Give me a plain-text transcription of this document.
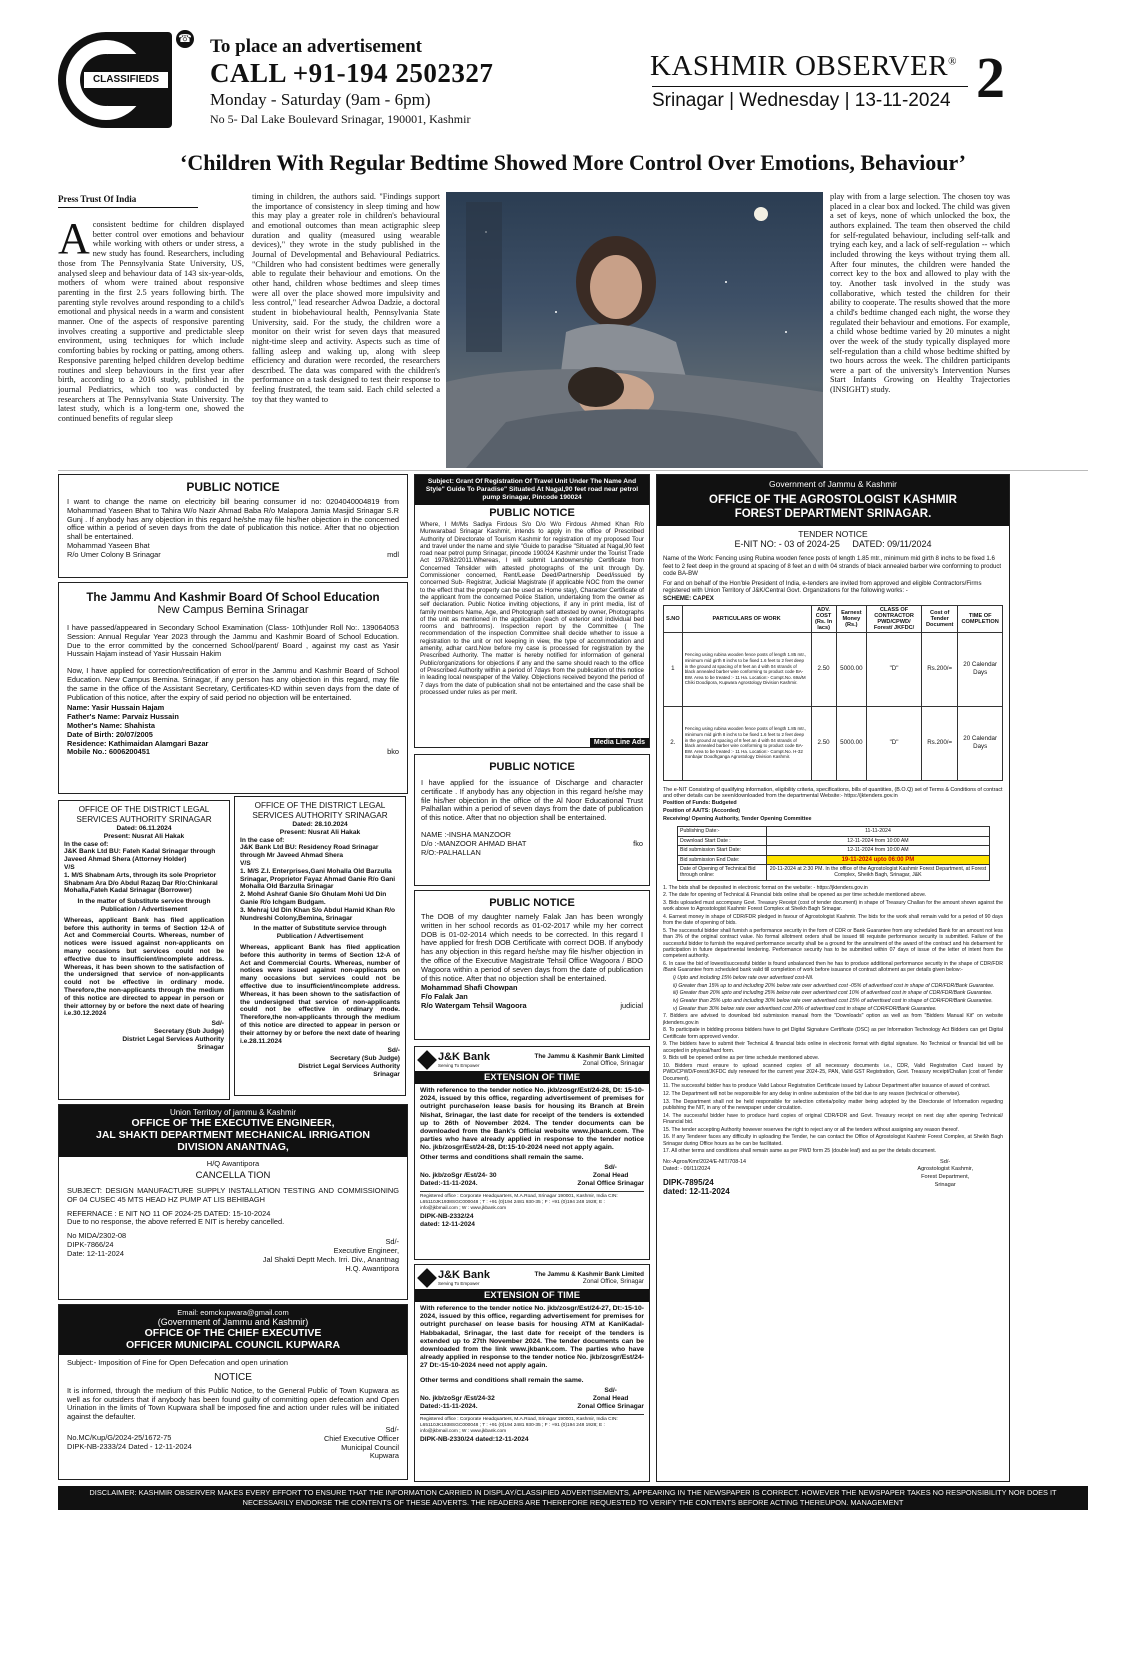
CLASSIFIEDS
☎ To place an advertisement
CALL +91-194 2502327
Monday - Saturday (9am - 6pm)
No 5- Dal Lake Boulevard Srinagar, 190001, Kashmir
KASHMIR OBSERVER®
Srinagar | Wednesday | 13-11-2024 2
‘Children With Regular Bedtime Showed More Control Over Emotions, Behaviour’
Press Trust Of India
A consistent bedtime for children displayed better control over emotions and behaviour while working with others or under stress, a new study has found. Researchers, including those from The Pennsylvania State University, US, analysed sleep and behaviour data of 143 six-year-olds, mothers of whom were trained about responsive parenting in the first 2.5 years following birth. The parenting style revolves around responding to a child's emotional and physical needs in a warm and consistent manner. One of the aspects of responsive parenting involves creating a supportive and predictable sleep environment, using techniques for which include comforting babies by rocking or patting, among others. Responsive parenting helped children develop bedtime routines and sleep behaviours in the first year after birth, according to a 2016 study, published in the journal Pediatrics, which too was conducted by researchers at The Pennsylvania State University. The latest study, which is a long-term one, showed the continued benefits of regular sleep
timing in children, the authors said. "Findings support the importance of consistency in sleep timing and how this may play a greater role in children's behavioural and emotional outcomes than mean actigraphic sleep duration and quality (measured using wearable devices)," they wrote in the study published in the Journal of Developmental and Behavioural Pediatrics. "Children who had consistent bedtimes were generally able to regulate their behaviour and emotions. On the other hand, children whose bedtimes and sleep times were all over the place showed more impulsivity and less control," lead researcher Adwoa Dadzie, a doctoral student in biobehavioural health, Pennsylvania State University, said. For the study, the children wore a monitor on their wrist for seven days that measured night-time sleep and activity. Aspects such as time of falling asleep and waking up, along with sleep efficiency and duration were recorded, the researchers described. The data was compared with the children's performance on a task designed to test their response to feeling frustrated, the team said. Each child selected a toy that they wanted to
play with from a large selection. The chosen toy was placed in a clear box and locked. The child was given a set of keys, none of which unlocked the box, the authors explained. The team then observed the child for self-regulated behaviour, including self-talk and trying each key, and a lack of self-regulation -- which included throwing the keys without trying them all. After four minutes, the children were handed the correct key to the box and allowed to play with the toy. Another task involved in the study was collaborative, which tested the children for their ability to cooperate. The results showed that the more a child's bedtime changed each night, the worse they regulated their behaviour and emotions. For example, a child whose bedtime varied by 20 minutes a night over the week of the study typically displayed more self-regulation than a child whose bedtime shifted by two hours across the week. The children participants were a part of the university's Intervention Nurses Start Infants Growing on Healthy Trajectories (INSIGHT) study.
PUBLIC NOTICE
I want to change the name on electricity bill bearing consumer id no: 0204040004819 from Mohammad Yaseen Bhat to Tahira W/o Nazir Ahmad Baba R/o Malapora Jamia Masjid Srinagar S.R Gunj . If anybody has any objection in this regard he/she may file his/her objection in the concerned office within a period of seven days from the date of publication this notice. After that no objection shall be entertained.
Mohammad Yaseen Bhat
R/o Umer Colony B Srinagar	mdl
The Jammu And Kashmir Board Of School Education
New Campus Bemina Srinagar
I have passed/appeared in Secondary School Examination (Class- 10th)under Roll No:. 139064053 Session: Annual Regular Year 2023 through the Jammu and Kashmir Board of School Education. Due to the error committed by the concerned School/parent/ Board , against my cast as Yasir Hussain Hajam instead of Yasir Hussain Hakim
Now, I have applied for correction/rectification of error in the Jammu and Kashmir Board of School Education. New Campus Bemina. Srinagar, if any person has any objection in this regard, may file the same in the office of the Assistant Secretary, Certificates-KD within seven days from the date of Publication of this notice, after the expiry of said period no objection will be entertained.
Name: Yasir Hussain Hajam
Father's Name: Parvaiz Hussain
Mother's Name: Shahista
Date of Birth: 20/07/2005
Residence: Kathimaidan Alamgari Bazar
Mobile No.: 6006200451	bko
OFFICE OF THE DISTRICT LEGAL SERVICES AUTHORITY SRINAGAR
Dated: 06.11.2024
Present: Nusrat Ali Hakak
In the case of:
J&K Bank Ltd BU: Fateh Kadal Srinagar through Javeed Ahmad Shera (Attorney Holder)
V/S
1. M/S Shabnam Arts, through its sole Proprietor Shabnam Ara D/o Abdul Razaq Dar R/o:Chinkaral Mohalla,Fateh Kadal Srinagar (Borrower)
In the matter of Substitute service through Publication / Advertisement
Whereas, applicant Bank has filed application before this authority in terms of Section 12-A of Act and Commercial Courts. Whereas, number of notices were issued against non-applicants on many occasions but services could not be effective due to insufficient/incomplete address. Whereas, it has been shown to the satisfaction of the undersigned that service of non-applicants could not be effective in ordinary mode. Therefore,the non-applicants through the medium of this notice are directed to appear in person or their attorney by or before the next date of hearing i.e.30.12.2024
Sd/-
Secretary (Sub Judge)
District Legal Services Authority
Srinagar
OFFICE OF THE DISTRICT LEGAL SERVICES AUTHORITY SRINAGAR
Dated: 28.10.2024
Present: Nusrat Ali Hakak
In the case of:
J&K Bank Ltd BU: Residency Road Srinagar through Mr Javeed Ahmad Shera
V/S
1. M/S Z.I. Enterprises,Gani Mohalla Old Barzulla Srinagar, Proprietor Fayaz Ahmad Ganie R/o Gani Mohalla Old Barzulla Srinagar
2. Mohd Ashraf Ganie S/o Ghulam Mohi Ud Din Ganie R/o Ichgam Budgam.
3. Mehraj Ud Din Khan S/o Abdul Hamid Khan R/o Nundreshi Colony,Bemina, Srinagar
In the matter of Substitute service through Publication / Advertisement
Whereas, applicant Bank has filed application before this authority in terms of Section 12-A of Act and Commercial Courts. Whereas, number of notices were issued against non-applicants on many occasions but services could not be effective due to insufficient/incomplete address. Whereas, it has been shown to the satisfaction of the undersigned that service of non-applicants could not be effective in ordinary mode. Therefore,the non-applicants through the medium of this notice are directed to appear in person or their attorney by or before the next date of hearing i.e.28.11.2024
Sd/-
Secretary (Sub Judge)
District Legal Services Authority
Srinagar
Union Territory of jammu & Kashmir
OFFICE OF THE EXECUTIVE ENGINEER,
JAL SHAKTI DEPARTMENT MECHANICAL IRRIGATION
DIVISION ANANTNAG,
H/Q Awantipora
CANCELLA TION
SUBJECT: DESIGN MANUFACTURE SUPPLY INSTALLATION TESTING AND COMMISSIONING OF 04 CUSEC 45 MTS HEAD HZ PUMP AT LIS BEHIBAGH
REFERNACE : E NIT NO 11 OF 2024-25 DATED: 15-10-2024
Due to no response, the above referred E NIT is hereby cancelled.
No MIDA/2302-08
DIPK-7866/24
Date: 12-11-2024
Sd/-
Executive Engineer,
Jal Shakti Deptt Mech. Irri. Div., Anantnag
H.Q. Awantipora
Email: eomckupwara@gmail.com
(Government of Jammu and Kashmir)
OFFICE OF THE CHIEF EXECUTIVE
OFFICER MUNICIPAL COUNCIL KUPWARA
Subject:- Imposition of Fine for Open Defecation and open urination
NOTICE
It is informed, through the medium of this Public Notice, to the General Public of Town Kupwara as well as for outsiders that if anybody has been found guilty of committing open defecation and Open Urination in the limits of Town Kupwara shall be imposed fine and action under rules will be initiated against the defaulter.
No.MC/Kup/G/2024-25/1672-75
DIPK-NB-2333/24 Dated - 12-11-2024
Sd/-
Chief Executive Officer
Municipal Council
Kupwara
Subject: Grant Of Registration Of Travel Unit Under The Name And Style" Guide To Paradise" Situated At Nagal,90 feet road near petrol pump Srinagar, Pincode 190024
PUBLIC NOTICE
Where, I Mr/Ms Sadiya Firdous S/o D/o W/o Firdous Ahmed Khan R/o Munwarabad Srinagar Kashmir, intends to apply in the office of Prescribed Authority of Directorate of Tourism Kashmir for registration of my proposed Tour and travel under the name and style "Guide to paradise "Situated at Nagal,90 feet road near petrol pump Srinagar, pincode 190024 Kashmir under the Tourist Trade Act 1978/82/2011.Whereas, I will submit Landownership Certificate from Concerned Tehsilder with attested photographs of the unit through Dy. Commissioner concerned, Rent/Lease Deed/Partnership Deed/issued by concerned Sub- Registrar, Judicial Magistrate (if applicable NOC from the owner to the effect that the property can be used as Home stay), Character Certificate of the applicant from the concerned Police Station, undertaking from the owner as self declaration. Public Notice inviting objections, if any in print media, list of family members Name, Age, and Photograph self attested by owner, Photographs of the unit as mentioned in the application (each of exterior and individual bed rooms and bathrooms). Inspection report by the Committee ( The recommendation of the inspection Committee shall decide whether to issue a registration to the unit or not keeping in view, the type of accommodation and amenity, adhar card.Now before my case is processed for registration by the Prescribed Authority. The matter is hereby notified for information of general Public/organizations for objections if any and the same should reach to the office of Prescribed Authority within a period of 7days from the publication of this notice in leading local newspaper of the Valley. Objections received beyond the period of 7 days from the date of publication shall not be entertained and the case shall be processed under rules as per merit.
Media Line Ads
PUBLIC NOTICE
I have applied for the issuance of Discharge and character certificate . If anybody has any objection in this regard he/she may file his/her objection in the office of the Al Noor Educational Trust Palhallan within a period of seven days from the date of publication of this notice. After that no objection shall be entertained.
NAME :-INSHA MANZOOR
D/o :-MANZOOR AHMAD BHAT	fko
R/O:-PALHALLAN
PUBLIC NOTICE
The DOB of my daughter namely Falak Jan has been wrongly written in her school records as 01-02-2017 while my her correct DOB is 01-02-2014 which needs to be corrected. In this regard I have applied for fresh DOB Certificate with correct DOB. If anybody has any objection in this regard he/she may file his/her objection in the office of the Executive Magistrate Tehsil Office Wagoora / BDO Wagoora within a period of seven days from the date of publication of this notice. After that no objection shall be entertained.
Mohammad Shafi Chowpan
F/o Falak Jan
R/o Watergam Tehsil Wagoora	judicial
J&K Bank
Serving To Empower
The Jammu & Kashmir Bank Limited
Zonal Office, Srinagar
EXTENSION OF TIME
With reference to the tender notice No. jkb/zosgr/Est/24-28, Dt: 15-10-2024, issued by this office, regarding advertisement of premises for outright purchase/on lease basis for housing its Branch at Brein Nishat, Srinagar, the last date for receipt of the tenders is extended up to 26th of November 2024. The tender documents can be downloaded from the Bank's Official website www.jkbank.com. The parties who have already applied in response to the tender notice No. jkb/zosgr/Est/24-28, Dt:15-10-2024 need not apply again.
Other terms and conditions shall remain the same.
No. jkb/zoSgr /Est/24- 30
Dated:-11-11-2024.
Sd/-
Zonal Head
Zonal Office Srinagar
Registered office : Corporate Headquarters, M.A.Road, Srinagar 190001, Kashmir, India CIN: L65110JK1938SGC000048 ; T : +91 (0)194 2481 930-35 ; F : +91 (0)194 248 1928; E : info@jkbmail.com ; W : www.jkbank.com
DIPK-NB-2332/24
dated: 12-11-2024
J&K Bank
Serving To Empower
The Jammu & Kashmir Bank Limited
Zonal Office, Srinagar
EXTENSION OF TIME
With reference to the tender notice No. jkb/zosgr/Est/24-27, Dt:-15-10-2024, issued by this office, regarding advertisement for premises for outright purchase/ on lease basis for housing ATM at KaniKadal-Habbakadal, Srinagar, the last date for receipt of the tenders is extended up to 27th November 2024. The tender documents can be downloaded from the link www.jkbank.com. The parties who have already applied in response to the tender notice No. jkb/zosgr/Est/24-27 Dt:-15-10-2024 need not apply again.
Other terms and conditions shall remain the same.
No. jkb/zoSgr /Est/24-32
Dated:-11-11-2024.
Sd/-
Zonal Head
Zonal Office Srinagar
Registered office : Corporate Headquarters, M.A.Road, Srinagar 190001, Kashmir, India CIN: L65110JK1938SGC000048 ; T : +91 (0)194 2481 930-35 ; F : +91 (0)194 248 1928; E : info@jkbmail.com ; W : www.jkbank.com
DIPK-NB-2330/24 dated:12-11-2024
Government of Jammu & Kashmir
OFFICE OF THE AGROSTOLOGIST KASHMIR
FOREST DEPARTMENT SRINAGAR.
TENDER NOTICE
E-NIT NO: - 03 of 2024-25     DATED: 09/11/2024
Name of the Work: Fencing using Rubina wooden fence posts of length 1.85 mtr., minimum mid girth 8 inchs to be fixed 1.6 feet to 2 feet deep in the ground at spacing of 8 feet an d with 04 strands of black annealed barber wire conforming to product code BA-BW
For and on behalf of the Hon'ble President of India, e-tenders are invited from approved and eligible Contractors/Firms registered with Union Territory of J&K/Central Govt. Organizations for the following works: -
SCHEME: CAPEX
S.NO	PARTICULARS OF WORK	ADV. COST (Rs. In lacs)	Earnest Money (Rs.)	CLASS OF CONTRACTOR PWD/CPWD/ Forest/ JKFDC/	Cost of Tender Document	TIME OF COMPLETION
1	Fencing using rubina wooden fence posts of length 1.85 mtr., minimum mid girth 8 inchs to be fixed 1.6 feet to 2 feet deep in the ground at spacing of 8 feet an d with 04 strands of black annealed barber wire conforming to product code BA-BW. Area to be treated :- 11 Ha. Location:- Compt.No. 69a/M Chiki Doodipora, Kupwara Agrostology Division Kashmir.	2.50	5000.00	"D"	Rs.200/=	20 Calendar Days
2.	Fencing using rubina wooden fence posts of length 1.85 mtr., minimum mid girth 8 inchs to be fixed 1.6 feet to 2 feet deep in the ground at spacing of 8 feet an d with 04 strands of black annealed barber wire conforming to product code BA-BW. Area to be treated :- 11 Ha. Location:- Compt.No. H-32 Sonbajar Doodhganga Agrostology Division Kashmir.	2.50	5000.00	"D"	Rs.200/=	20 Calendar Days
The e-NIT Consisting of qualifying information, eligibility criteria, specifications, bills of quantities, (B.O.Q) set of Terms & Conditions of contract and other details can be seen/downloaded from the departmental Website:- https://jktenders.gov.in
Position of Funds: Budgeted
Position of AA/TS: (Accorded)
Receiving/ Opening Authority, Tender Opening Committee
Publishing Date:-	11-11-2024
Download Start Date :	12-11-2024 from 10:00 AM
Bid submission Start Date:	12-11-2024 from 10:00 AM
Bid submission End Date:	19-11-2024 upto 06:00 PM
Date of Opening of Technical Bid through online:	20-11-2024 at 2:30 PM. In the office of the Agrostologist Kashmir Forest Department, at Forest Complex, Sheikh Bagh, Srinagar, J&K
1. The bids shall be deposited in electronic format on the website: - https://jktenders.gov.in
2. The date for opening of Technical & Financial bids online shall be opened as per time schedule mentioned above.
3. Bids uploaded must accompany Govt. Treasury Receipt (cost of tender document) in shape of Treasury Challan for the amount shown against the work above to Agrostologist Kashmir Forest Complex at Sheikh Bagh Srinagar.
4. Earnest money in shape of CDR/FDR pledged in favour of Agrostologist Kashmir. The bids for the work shall remain valid for a period of 90 days from the date of opening of bids.
5. The successful bidder shall furnish a performance security in the form of CDR or Bank Guarantee from any scheduled Bank for an amount not less than 3% of the original contract value. No formal allotment orders shall be issued till requisite performance security is submitted. Failure of the successful bidder to furnish the required performance security shall be a ground for the annulment of the award of the contract and his debarment for participation in future departmental tendering. Performance security has to be submitted within 07 days of issue of the letter of intent from the competent authority.
6. In case the bid of lowest/successful bidder is found unbalanced then he has to produce additional performance security in the shape of CDR/FDR /Bank Guarantee from scheduled bank valid till completion of work before issuance of contract allotment as per details given below:-
i) Upto and including 15% below rate over advertised cost-Nil.
ii) Greater than 15% up to and including 20% below rate over advertised cost -05% of advertised cost in shape of CDR/FDR/Bank Guarantee.
iii) Greater than 20% upto and including 25% below rate over advertised cost 10% of advertised cost in shape of CDR/FDR/Bank Guarantee.
iv) Greater than 25% upto and including 30% below rate over advertised cost 15% of advertised cost in shape of CDR/FDR/Bank Guarantee.
v) Greater than 30% below rate over advertised cost 20% of advertised cost in shape of CDR/FDR/Bank Guarantee.
7. Bidders are advised to download bid submission manual from the "Downloads" option as well as from "Bidders Manual Kit" on website jktenders.gov.in
8. To participate in bidding process bidders have to get Digital Signature Certificate (DSC) as per Information Technology Act Bidders can get Digital Certificate form approved vendor.
9. The bidders have to submit their Technical & financial bids online in electronic format with digital signature. No Technical or financial bid will be accepted in physical/hard form.
9. Bids will be opened online as per time schedule mentioned above.
10. Bidders must ensure to upload scanned copies of all necessary documents i.e., CDR, Valid Registration Card issued by PWD/CPWD/Forest/JKFDC duly renewed for the current year 2024-25, PAN, Valid GST Registration, Govt. Treasury receipt/Challan (cost of Tender Document).
11. The successful bidder has to produce Valid Labour Registration Certificate issued by Labour Department after issuance of award of contract.
12. The Department will not be responsible for any delay in online submission of the bid due to any reason (technical or otherwise).
13. The Department shall not be held responsible for selection criteria/policy matter being adopted by the Directorate of Information regarding publishing the NIT, in any of the newspaper under circulation.
14. The successful bidder have to produce hard copies of original CDR/FDR and Govt. Treasury receipt on next day after opening Technical/ Financial bid.
15. The tender accepting Authority however reserves the right to reject any or all the tenders without assigning any reason thereof.
16. If any Tenderer faces any difficulty in uploading the Tender, he can contact the Office of Agrostologist Kashmir Forest Complex, at Sheikh Bagh Srinagar during Office hours as he can be facilitated.
17. All other terms and conditions shall remain same as per PWD form 25 (double leaf) and as per the details document.
No:-Agros/Kmr/2024/E-NIT/708-14
Dated: - 09/11/2024
DIPK-7895/24
dated: 12-11-2024
Sd/-
Agrostologist Kashmir,
Forest Department,
Srinagar
DISCLAIMER: KASHMIR OBSERVER MAKES EVERY EFFORT TO ENSURE THAT THE INFORMATION CARRIED IN DISPLAY/CLASSIFIED ADVERTISEMENTS, APPEARING IN THE NEWSPAPER IS CORRECT. HOWEVER THE NEWSPAPER TAKES NO RESPONSIBILITY NOR DOES IT NECESSARILY ENDORSE THE CONTENTS OF THESE ADVERTS. THE READERS ARE THEREFORE REQUESTED TO VERIFY THE CONTENTS BEFORE ACTING THEREUPON. MANAGEMENT
